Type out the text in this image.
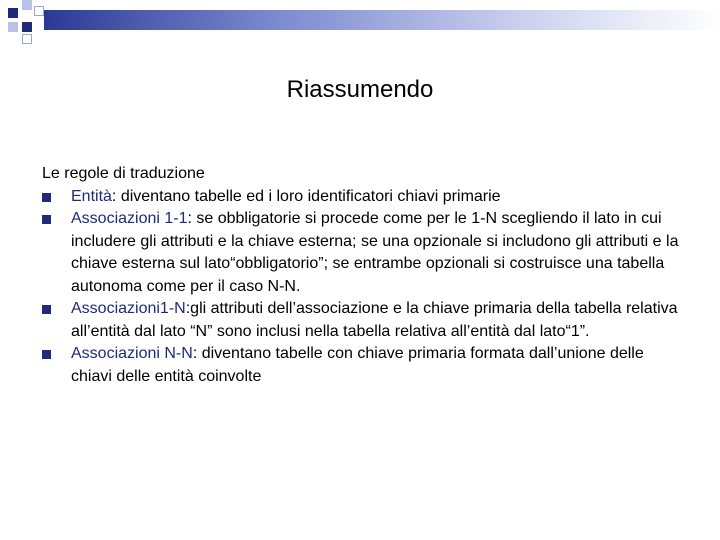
Riassumendo

Le regole di traduzione

Entità: diventano tabelle ed i loro identificatori chiavi primarie
Associazioni 1-1: se obbligatorie si procede come per le 1-N scegliendo il lato in cui includere gli attributi e la chiave esterna; se una opzionale si includono gli attributi e la chiave esterna sul lato“obbligatorio”; se entrambe opzionali si costruisce una tabella autonoma come per il caso N-N.
Associazioni1-N:gli attributi dell’associazione e la chiave primaria della tabella relativa all’entità dal lato “N” sono inclusi nella tabella relativa all’entità dal lato“1”.
Associazioni N-N: diventano tabelle con chiave primaria formata dall’unione delle chiavi delle entità coinvolte
